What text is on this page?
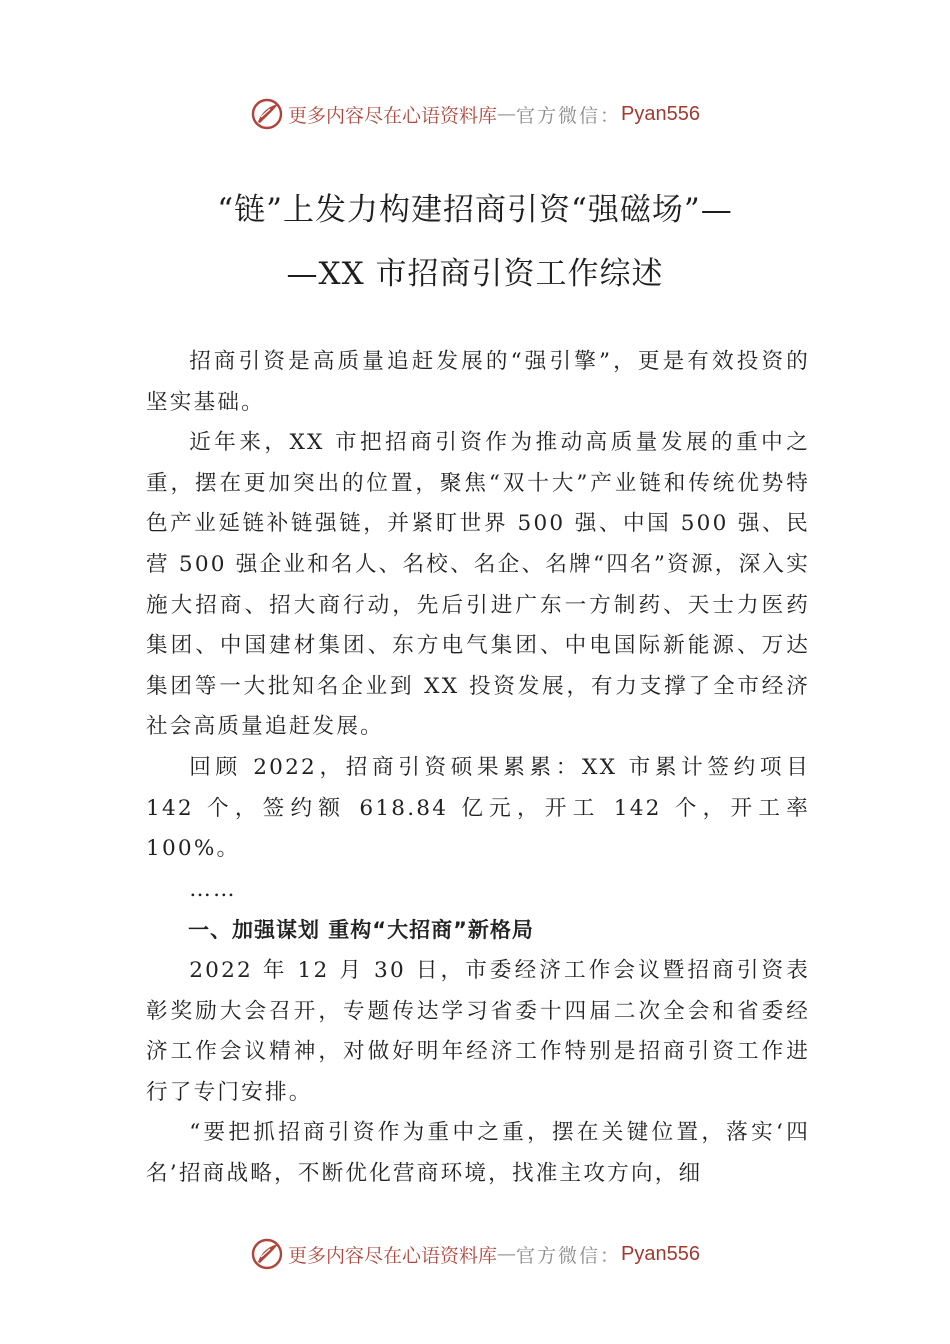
更多内容尽在心语资料库 — 官方微信： Pyan556
“链”上发力构建招商引资“强磁场”—
—XX 市招商引资工作综述

招商引资是高质量追赶发展的“强引擎”，更是有效投资的坚实基础。

近年来，XX 市把招商引资作为推动高质量发展的重中之重，摆在更加突出的位置，聚焦“双十大”产业链和传统优势特色产业延链补链强链，并紧盯世界 500 强、中国 500 强、民营 500 强企业和名人、名校、名企、名牌“四名”资源，深入实施大招商、招大商行动，先后引进广东一方制药、天士力医药集团、中国建材集团、东方电气集团、中电国际新能源、万达集团等一大批知名企业到 XX 投资发展，有力支撑了全市经济社会高质量追赶发展。

回顾 2022，招商引资硕果累累：XX 市累计签约项目 142 个，签约额 618.84 亿元，开工 142 个，开工率 100%。

……

一、加强谋划 重构“大招商”新格局

2022 年 12 月 30 日，市委经济工作会议暨招商引资表彰奖励大会召开，专题传达学习省委十四届二次全会和省委经济工作会议精神，对做好明年经济工作特别是招商引资工作进行了专门安排。

“要把抓招商引资作为重中之重，摆在关键位置，落实‘四名’招商战略，不断优化营商环境，找准主攻方向，细

更多内容尽在心语资料库 — 官方微信： Pyan556
